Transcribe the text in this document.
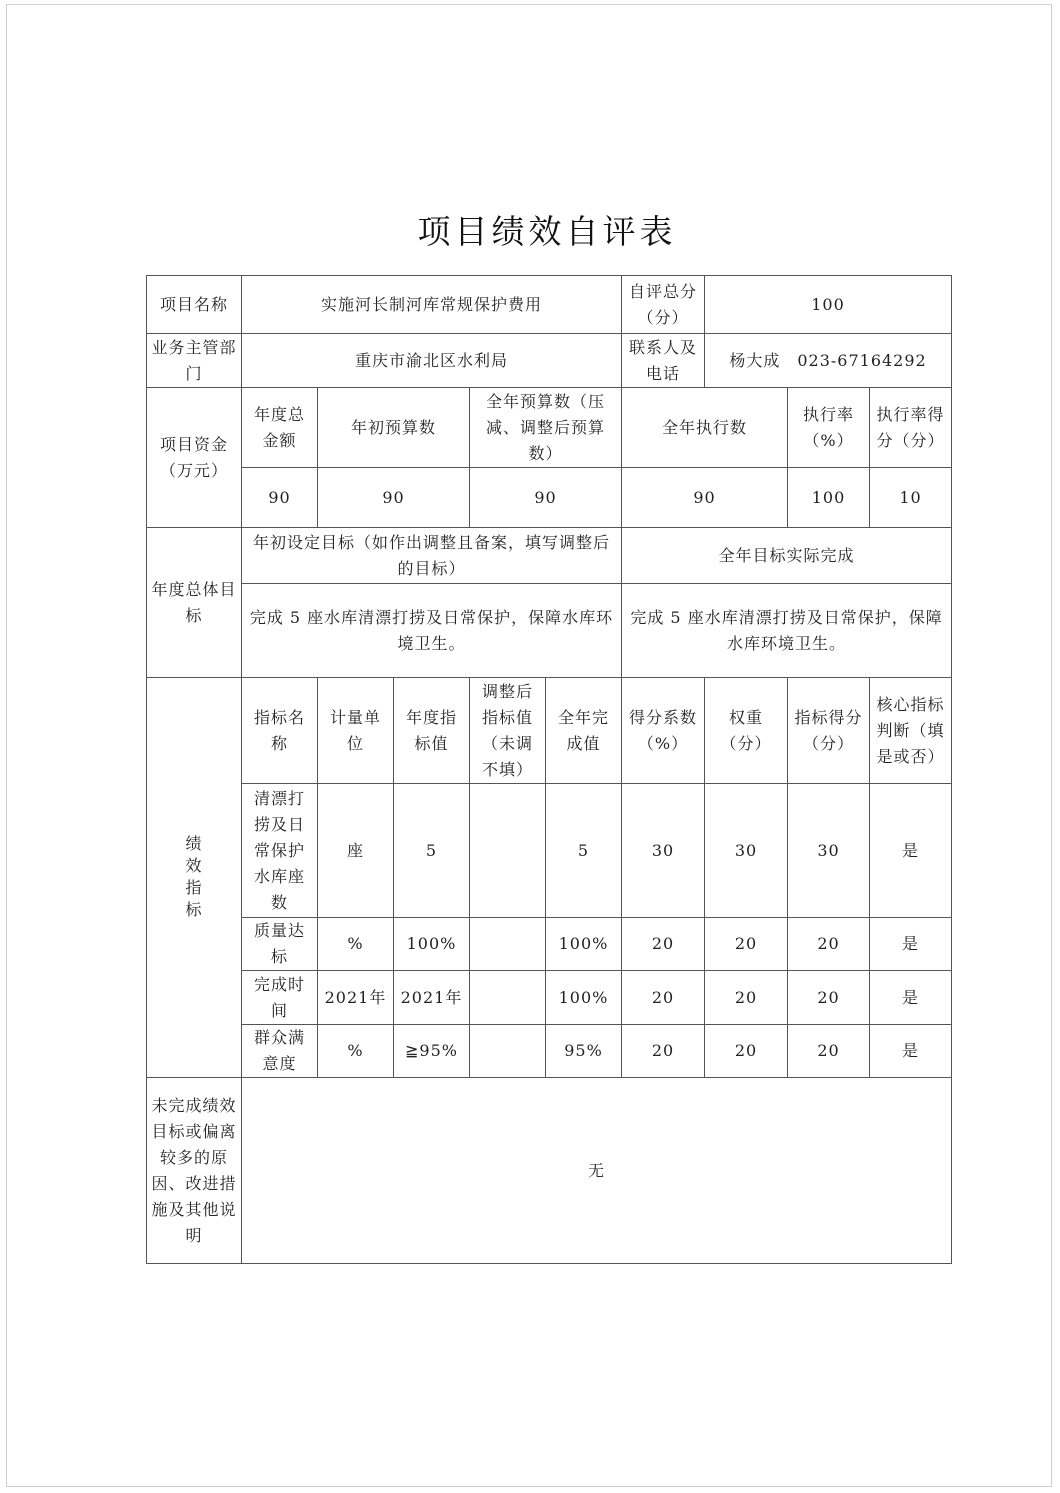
项目绩效自评表
项目名称	实施河长制河库常规保护费用					自评总分（分）	100		
业务主管部门	重庆市渝北区水利局					联系人及电话	杨大成　023-67164292		
项目资金（万元）	年度总金额	年初预算数		全年预算数（压减、调整后预算数）		全年执行数		执行率（%）	执行率得分（分）
	90	90		90		90		100	10
年度总体目标	年初设定目标（如作出调整且备案，填写调整后的目标）					全年目标实际完成			
	完成 5 座水库清漂打捞及日常保护，保障水库环境卫生。					完成 5 座水库清漂打捞及日常保护，保障水库环境卫生。			
绩效指标	指标名称	计量单位	年度指标值	调整后指标值（未调不填）	全年完成值	得分系数（%）	权重（分）	指标得分（分）	核心指标判断（填是或否）
	清漂打捞及日常保护水库座数	座	5		5	30	30	30	是
	质量达标	%	100%		100%	20	20	20	是
	完成时间	2021年	2021年		100%	20	20	20	是
	群众满意度	%	≧95%		95%	20	20	20	是
未完成绩效目标或偏离较多的原因、改进措施及其他说明	无								
